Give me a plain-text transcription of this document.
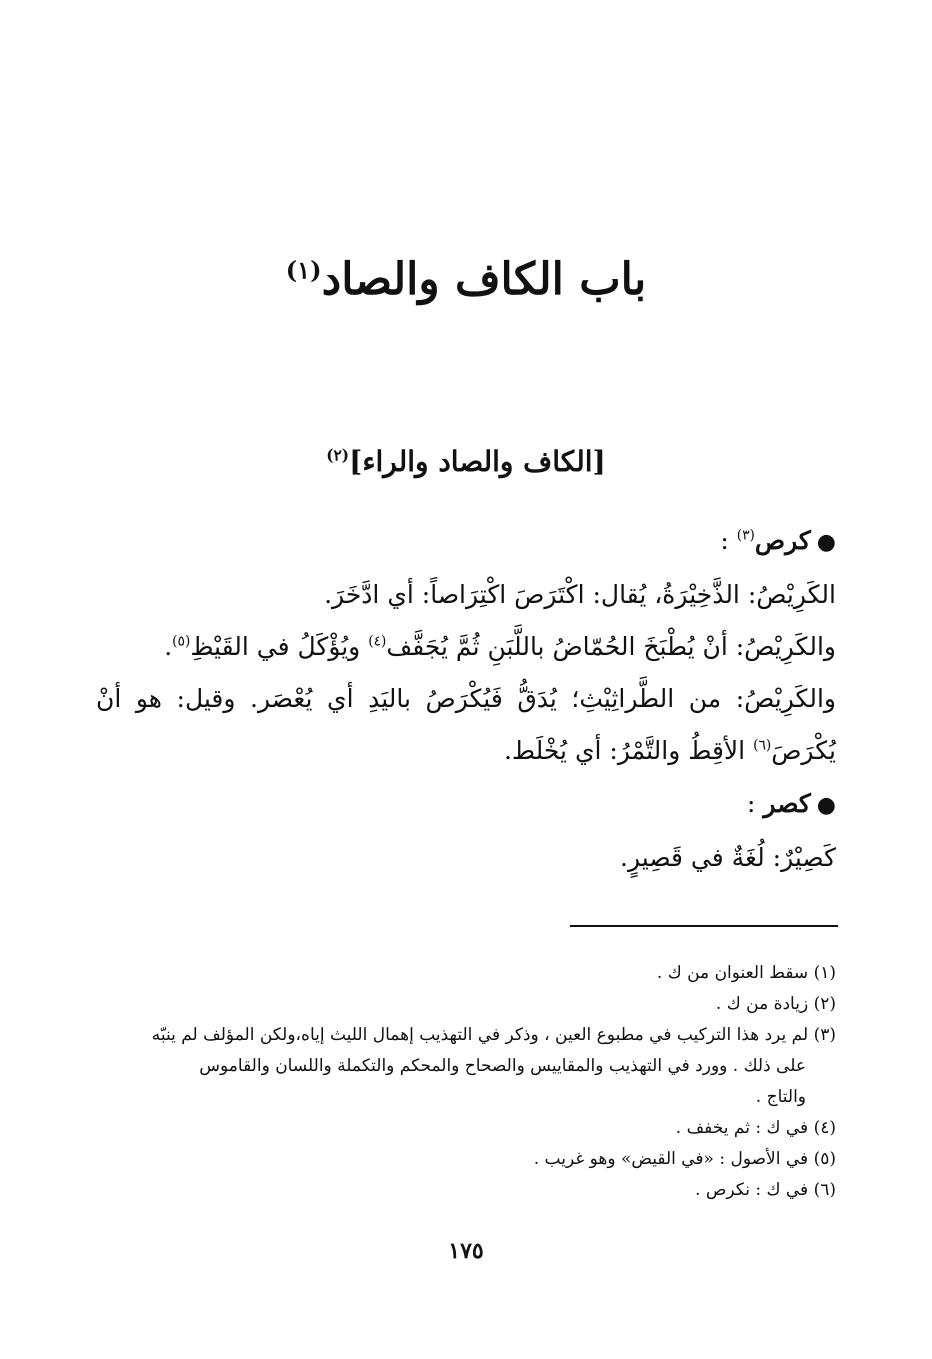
باب الكاف والصاد$^{(١)}$
[الكاف والصاد والراء]$^{(٢)}$
●كرص$^{(٣)}$ :
الكَرِيْصُ: الذَّخِيْرَةُ، يُقال: اكْتَرَصَ اكْتِرَاصاً: أي ادَّخَرَ.
والكَرِيْصُ: أنْ يُطْبَخَ الحُمّاضُ باللَّبَنِ ثُمَّ يُجَفَّف$^{(٤)}$ ويُؤْكَلُ في القَيْظِ$^{(٥)}$.
والكَرِيْصُ: من الطَّراثِيْثِ؛ يُدَقُّ فَيُكْرَصُ باليَدِ أي يُعْصَر. وقيل: هو أنْ
يُكْرَصَ$^{(٦)}$ الأقِطُ والتَّمْرُ: أي يُخْلَط.
●كصر :
كَصِيْرٌ: لُغَةٌ في قَصِيرٍ.
(١) سقط العنوان من ك .
(٢) زيادة من ك .
(٣) لم يرد هذا التركيب في مطبوع العين ، وذكر في التهذيب إهمال الليث إياه،ولكن المؤلف لم ينبّه
على ذلك . وورد في التهذيب والمقاييس والصحاح والمحكم والتكملة واللسان والقاموس
والتاج .
(٤) في ك : ثم يخفف .
(٥) في الأصول : «في القيض» وهو غريب .
(٦) في ك : نكرص .
١٧٥
